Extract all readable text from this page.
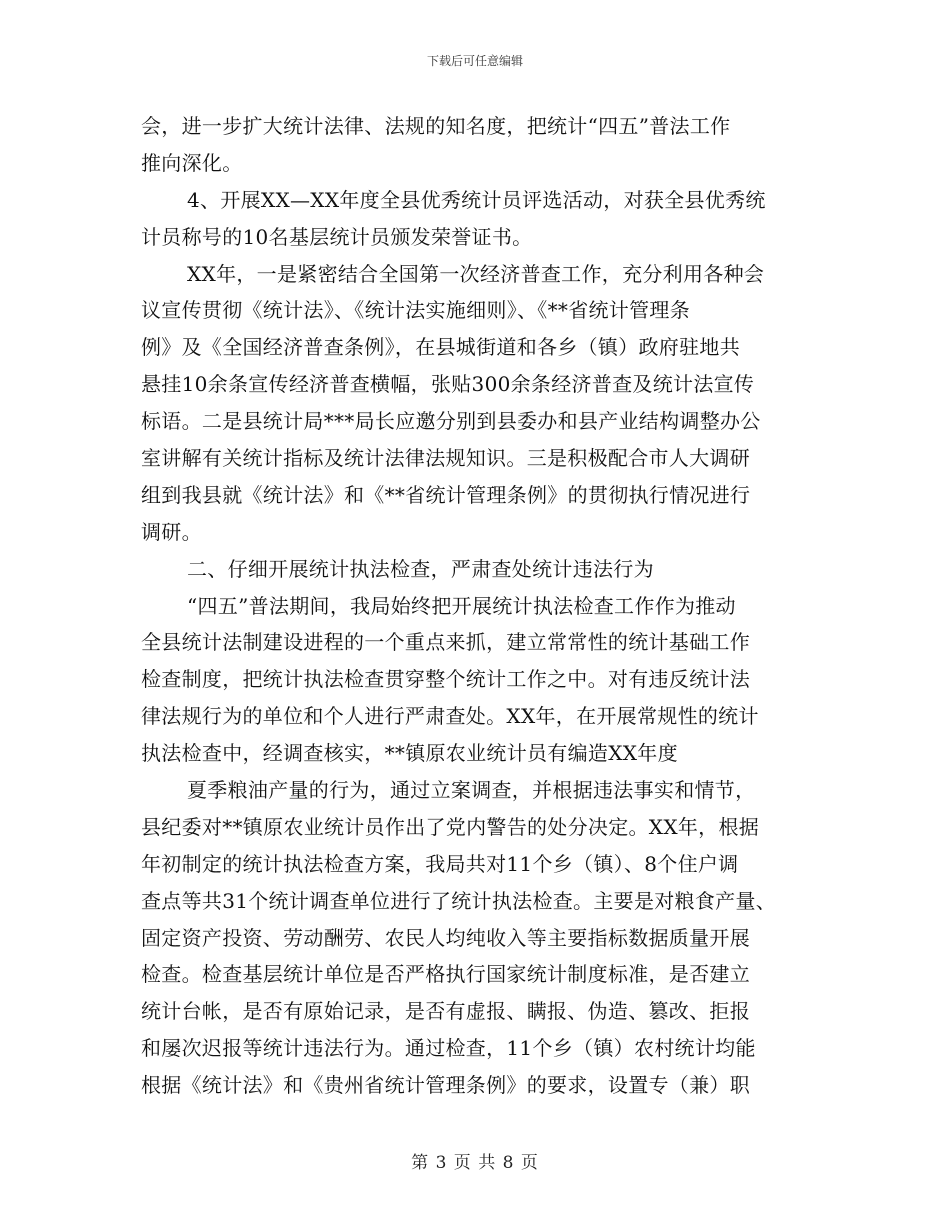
下载后可任意编辑
会，进一步扩大统计法律、法规的知名度，把统计“四五”普法工作
推向深化。
4、开展XX—XX年度全县优秀统计员评选活动，对获全县优秀统
计员称号的10名基层统计员颁发荣誉证书。
XX年，一是紧密结合全国第一次经济普查工作，充分利用各种会
议宣传贯彻《统计法》、《统计法实施细则》、《**省统计管理条
例》及《全国经济普查条例》，在县城街道和各乡（镇）政府驻地共
悬挂10余条宣传经济普查横幅，张贴300余条经济普查及统计法宣传
标语。二是县统计局***局长应邀分别到县委办和县产业结构调整办公
室讲解有关统计指标及统计法律法规知识。三是积极配合市人大调研
组到我县就《统计法》和《**省统计管理条例》的贯彻执行情况进行
调研。
二、仔细开展统计执法检查，严肃查处统计违法行为
“四五”普法期间，我局始终把开展统计执法检查工作作为推动
全县统计法制建设进程的一个重点来抓，建立常常性的统计基础工作
检查制度，把统计执法检查贯穿整个统计工作之中。对有违反统计法
律法规行为的单位和个人进行严肃查处。XX年，在开展常规性的统计
执法检查中，经调查核实，**镇原农业统计员有编造XX年度
夏季粮油产量的行为，通过立案调查，并根据违法事实和情节，
县纪委对**镇原农业统计员作出了党内警告的处分决定。XX年，根据
年初制定的统计执法检查方案，我局共对11个乡（镇）、8个住户调
查点等共31个统计调查单位进行了统计执法检查。主要是对粮食产量、
固定资产投资、劳动酬劳、农民人均纯收入等主要指标数据质量开展
检查。检查基层统计单位是否严格执行国家统计制度标准，是否建立
统计台帐，是否有原始记录，是否有虚报、瞒报、伪造、篡改、拒报
和屡次迟报等统计违法行为。通过检查，11个乡（镇）农村统计均能
根据《统计法》和《贵州省统计管理条例》的要求，设置专（兼）职
第 3 页 共 8 页
